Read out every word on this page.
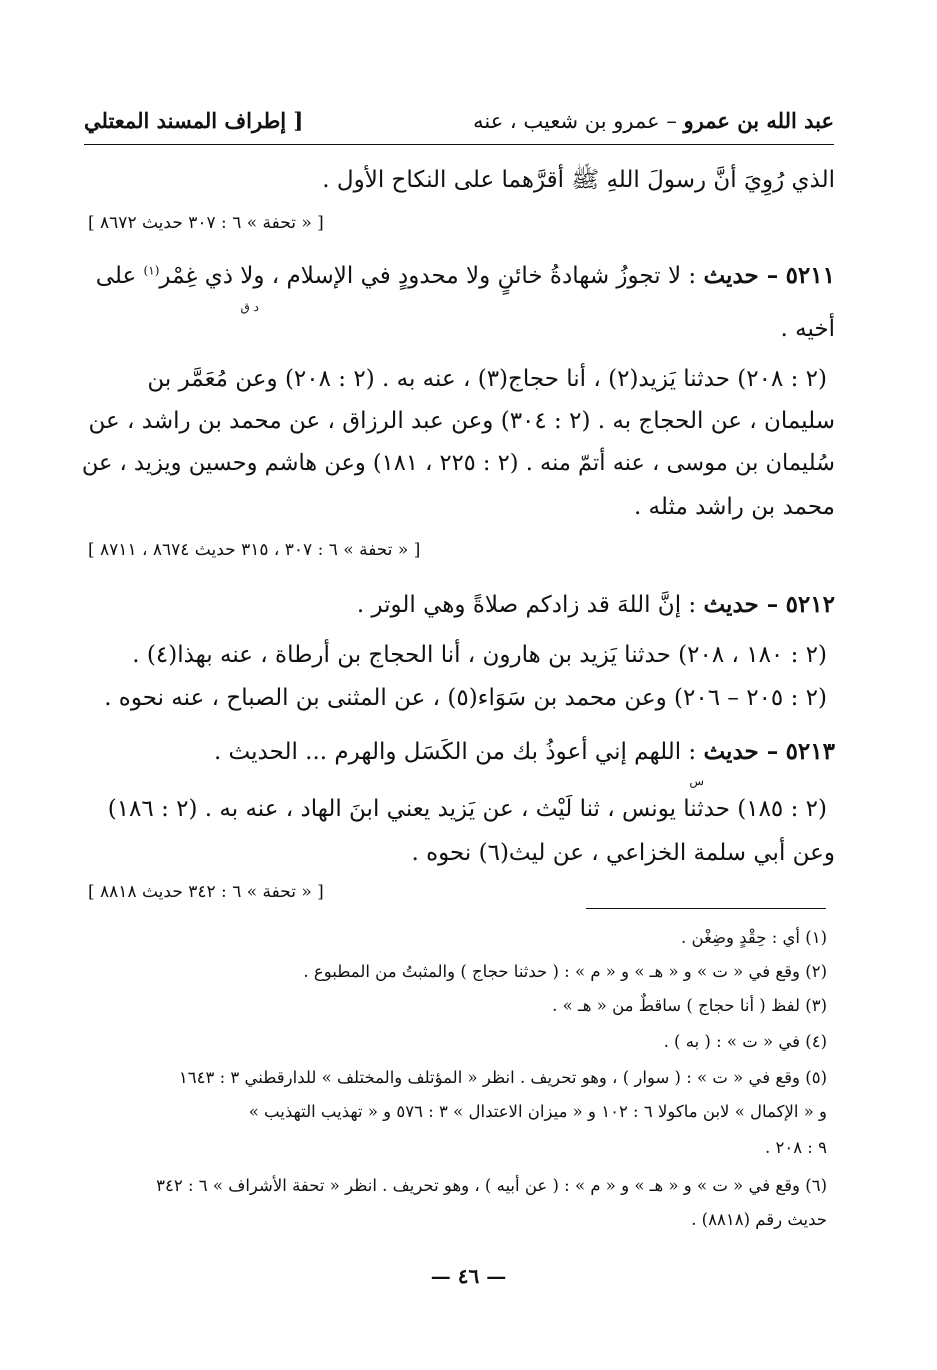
عبد الله بن عمرو – عمرو بن شعيب ، عنه
[ إطراف المسند المعتلي
الذي رُوِيَ أنَّ رسولَ اللهِ ﷺ أقرَّهما على النكاح الأول .
[ « تحفة » ٦ : ٣٠٧ حديث ٨٦٧٢ ]
٥٢١١ – حديث : لا تجوزُ شهادةُ خائنٍ ولا محدودٍ في الإسلام ، ولا ذي غِمْر$^{(١)}$ على
د ق
أخيه .
(٢ : ٢٠٨) حدثنا يَزيد(٢) ، أنا حجاج(٣) ، عنه به . (٢ : ٢٠٨) وعن مُعَمَّر بن
سليمان ، عن الحجاج به . (٢ : ٣٠٤) وعن عبد الرزاق ، عن محمد بن راشد ، عن
سُليمان بن موسى ، عنه أتمّ منه . (٢ : ٢٢٥ ، ١٨١) وعن هاشم وحسين ويزيد ، عن
محمد بن راشد مثله .
[ « تحفة » ٦ : ٣٠٧ ، ٣١٥ حديث ٨٦٧٤ ، ٨٧١١ ]
٥٢١٢ – حديث : إنَّ اللهَ قد زادكم صلاةً وهي الوتر .
(٢ : ١٨٠ ، ٢٠٨) حدثنا يَزيد بن هارون ، أنا الحجاج بن أرطاة ، عنه بهذا(٤) .
(٢ : ٢٠٥ – ٢٠٦) وعن محمد بن سَوَاء(٥) ، عن المثنى بن الصباح ، عنه نحوه .
٥٢١٣ – حديث : اللهم إني أعوذُ بك من الكَسَل والهرم ... الحديث .
س
(٢ : ١٨٥) حدثنا يونس ، ثنا لَيْث ، عن يَزيد يعني ابنَ الهاد ، عنه به . (٢ : ١٨٦)
وعن أبي سلمة الخزاعي ، عن ليث(٦) نحوه .
[ « تحفة » ٦ : ٣٤٢ حديث ٨٨١٨ ]
(١) أي : حِقْدٍ وضِغْن .
(٢) وقع في « ت » و « هـ » و « م » : ( حدثنا حجاج ) والمثبتُ من المطبوع .
(٣) لفظ ( أنا حجاج ) ساقطٌ من « هـ » .
(٤) في « ت » : ( به ) .
(٥) وقع في « ت » : ( سوار ) ، وهو تحريف . انظر « المؤتلف والمختلف » للدارقطني ٣ : ١٦٤٣
و « الإكمال » لابن ماكولا ٦ : ١٠٢ و « ميزان الاعتدال » ٣ : ٥٧٦ و « تهذيب التهذيب »
٩ : ٢٠٨ .
(٦) وقع في « ت » و « هـ » و « م » : ( عن أبيه ) ، وهو تحريف . انظر « تحفة الأشراف » ٦ : ٣٤٢
حديث رقم (٨٨١٨) .
— ٤٦ —
